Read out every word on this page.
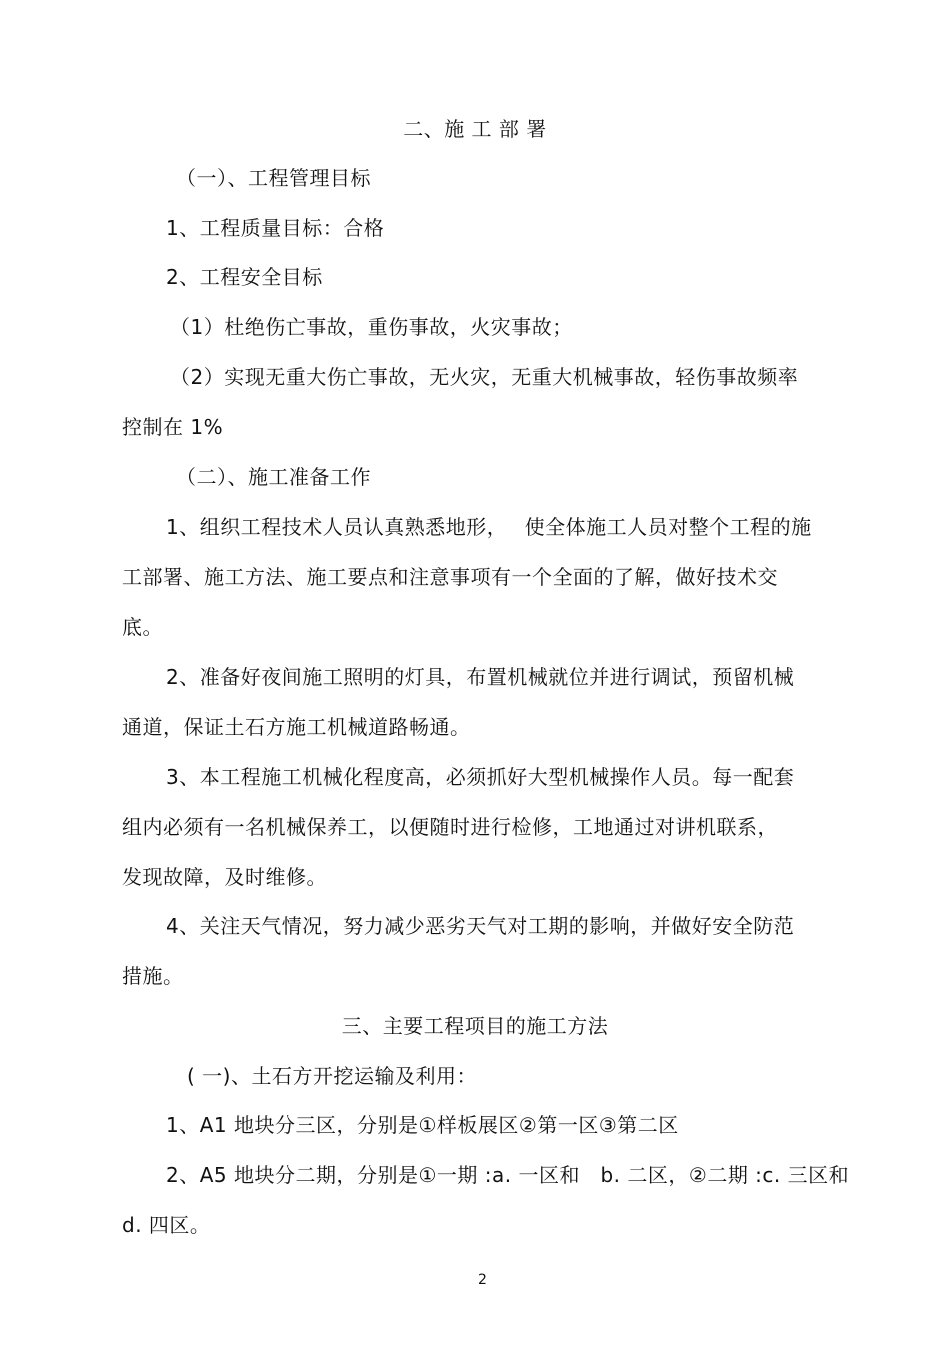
二、施 工 部 署
（一）、工程管理目标
1、工程质量目标：合格
2、工程安全目标
（1）杜绝伤亡事故，重伤事故，火灾事故；
（2）实现无重大伤亡事故，无火灾，无重大机械事故，轻伤事故频率
控制在 1%
（二）、施工准备工作
1、组织工程技术人员认真熟悉地形，　 使全体施工人员对整个工程的施
工部署、施工方法、施工要点和注意事项有一个全面的了解，做好技术交
底。
2、准备好夜间施工照明的灯具，布置机械就位并进行调试，预留机械
通道，保证土石方施工机械道路畅通。
3、本工程施工机械化程度高，必须抓好大型机械操作人员。每一配套
组内必须有一名机械保养工，以便随时进行检修，工地通过对讲机联系，
发现故障，及时维修。
4、关注天气情况，努力减少恶劣天气对工期的影响，并做好安全防范
措施。
三、主要工程项目的施工方法
( 一)、土石方开挖运输及利用：
1、A1 地块分三区，分别是①样板展区②第一区③第二区
2、A5 地块分二期，分别是①一期 :a. 一区和　b. 二区，②二期 :c. 三区和
d. 四区。
2
